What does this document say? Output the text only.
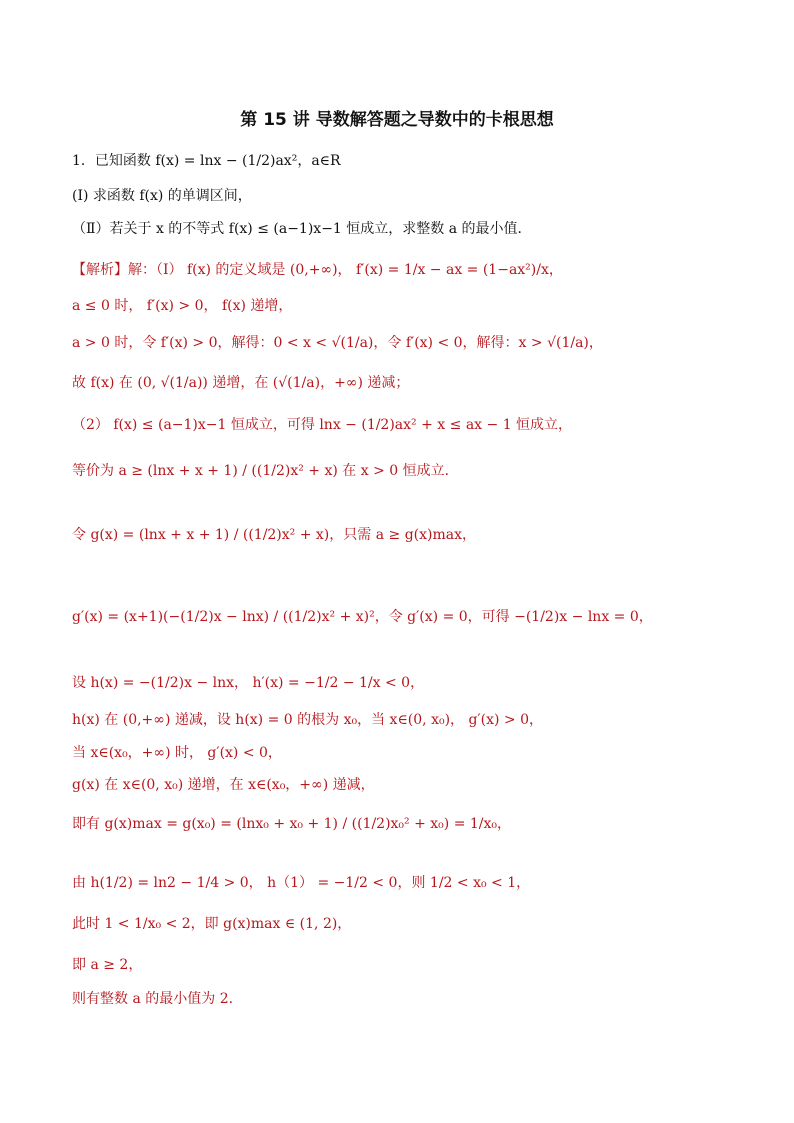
第 15 讲 导数解答题之导数中的卡根思想
1．已知函数 f(x) = lnx − (1/2)ax²，a∈R
(Ⅰ) 求函数 f(x) 的单调区间，
（Ⅱ）若关于 x 的不等式 f(x) ≤ (a−1)x−1 恒成立，求整数 a 的最小值．
【解析】解：（Ⅰ） f(x) 的定义域是 (0,+∞)， f′(x) = 1/x − ax = (1−ax²)/x，
a ≤ 0 时， f′(x) > 0， f(x) 递增，
a > 0 时，令 f′(x) > 0，解得：0 < x < √(1/a)，令 f′(x) < 0，解得：x > √(1/a)，
故 f(x) 在 (0, √(1/a)) 递增，在 (√(1/a)，+∞) 递减；
（2） f(x) ≤ (a−1)x−1 恒成立，可得 lnx − (1/2)ax² + x ≤ ax − 1 恒成立，
等价为 a ≥ (lnx + x + 1) / ((1/2)x² + x) 在 x > 0 恒成立．
令 g(x) = (lnx + x + 1) / ((1/2)x² + x)，只需 a ≥ g(x)max，
g′(x) = (x+1)(−(1/2)x − lnx) / ((1/2)x² + x)²，令 g′(x) = 0，可得 −(1/2)x − lnx = 0，
设 h(x) = −(1/2)x − lnx， h′(x) = −1/2 − 1/x < 0，
h(x) 在 (0,+∞) 递减，设 h(x) = 0 的根为 x₀，当 x∈(0, x₀)， g′(x) > 0，
当 x∈(x₀，+∞) 时， g′(x) < 0，
g(x) 在 x∈(0, x₀) 递增，在 x∈(x₀，+∞) 递减，
即有 g(x)max = g(x₀) = (lnx₀ + x₀ + 1) / ((1/2)x₀² + x₀) = 1/x₀，
由 h(1/2) = ln2 − 1/4 > 0， h（1） = −1/2 < 0，则 1/2 < x₀ < 1，
此时 1 < 1/x₀ < 2，即 g(x)max ∈ (1, 2)，
即 a ≥ 2，
则有整数 a 的最小值为 2．
